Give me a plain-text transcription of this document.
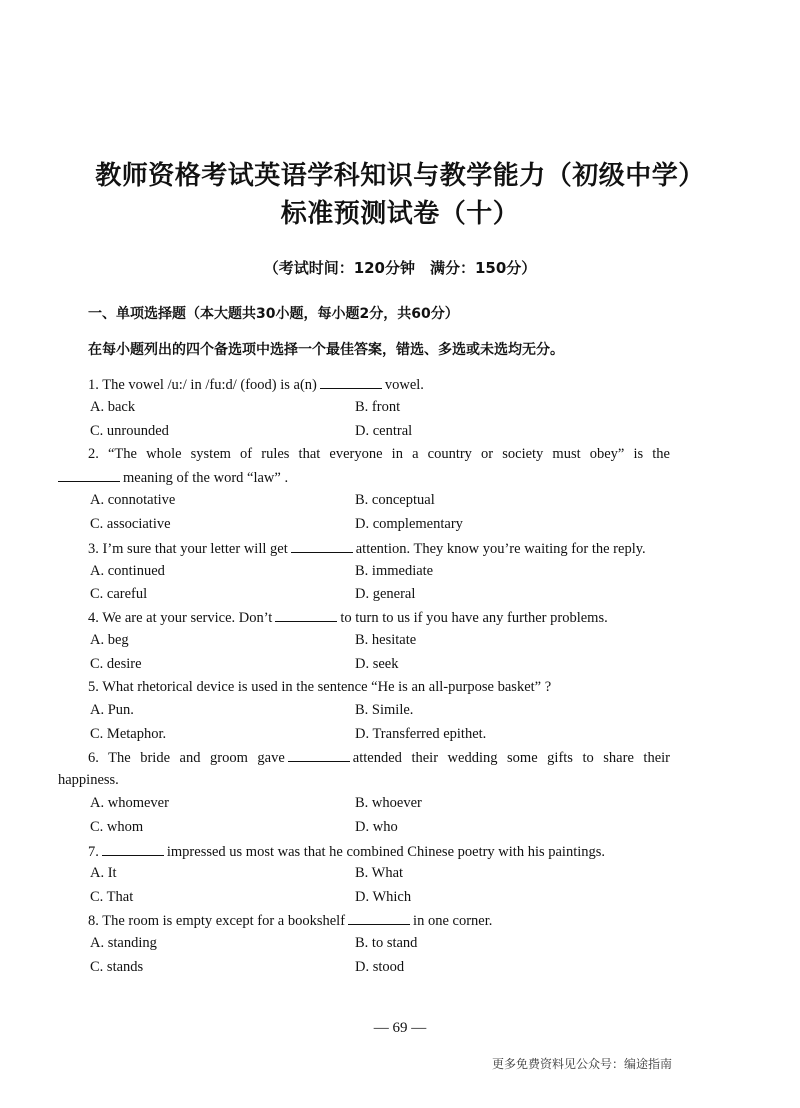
教师资格考试英语学科知识与教学能力（初级中学）
标准预测试卷（十）
（考试时间：120分钟　满分：150分）
一、单项选择题（本大题共30小题，每小题2分，共60分）
在每小题列出的四个备选项中选择一个最佳答案，错选、多选或未选均无分。
1. The vowel /u:/ in /fu:d/ (food) is a(n)	vowel.
A. back	B. front
C. unrounded	D. central
2. “The whole system of rules that everyone in a country or society must obey” is the
meaning of the word “law” .
A. connotative	B. conceptual
C. associative	D. complementary
3. I’m sure that your letter will get	attention. They know you’re waiting for the reply.
A. continued	B. immediate
C. careful	D. general
4. We are at your service. Don’t	to turn to us if you have any further problems.
A. beg	B. hesitate
C. desire	D. seek
5. What rhetorical device is used in the sentence “He is an all-purpose basket” ?
A. Pun.	B. Simile.
C. Metaphor.	D. Transferred epithet.
6. The bride and groom gave	attended their wedding some gifts to share their
happiness.
A. whomever	B. whoever
C. whom	D. who
7.	impressed us most was that he combined Chinese poetry with his paintings.
A. It	B. What
C. That	D. Which
8. The room is empty except for a bookshelf	in one corner.
A. standing	B. to stand
C. stands	D. stood
— 69 —
更多免费资料见公众号：编途指南
